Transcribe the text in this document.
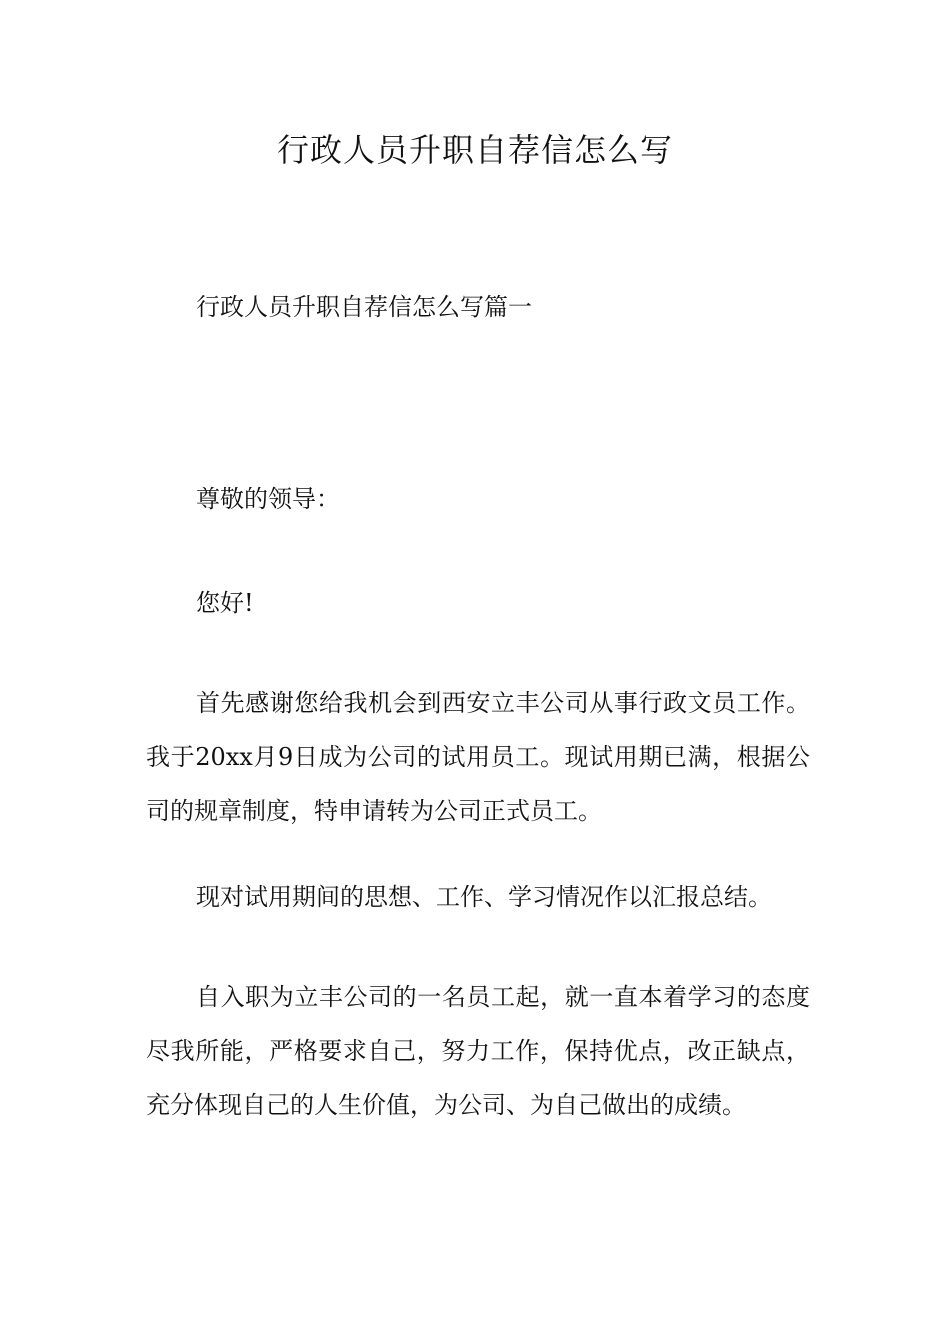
行政人员升职自荐信怎么写

行政人员升职自荐信怎么写篇一

尊敬的领导：

您好!

首先感谢您给我机会到西安立丰公司从事行政文员工作。我于20xx月9日成为公司的试用员工。现试用期已满，根据公司的规章制度，特申请转为公司正式员工。

现对试用期间的思想、工作、学习情况作以汇报总结。

自入职为立丰公司的一名员工起，就一直本着学习的态度尽我所能，严格要求自己，努力工作，保持优点，改正缺点，充分体现自己的人生价值，为公司、为自己做出的成绩。
